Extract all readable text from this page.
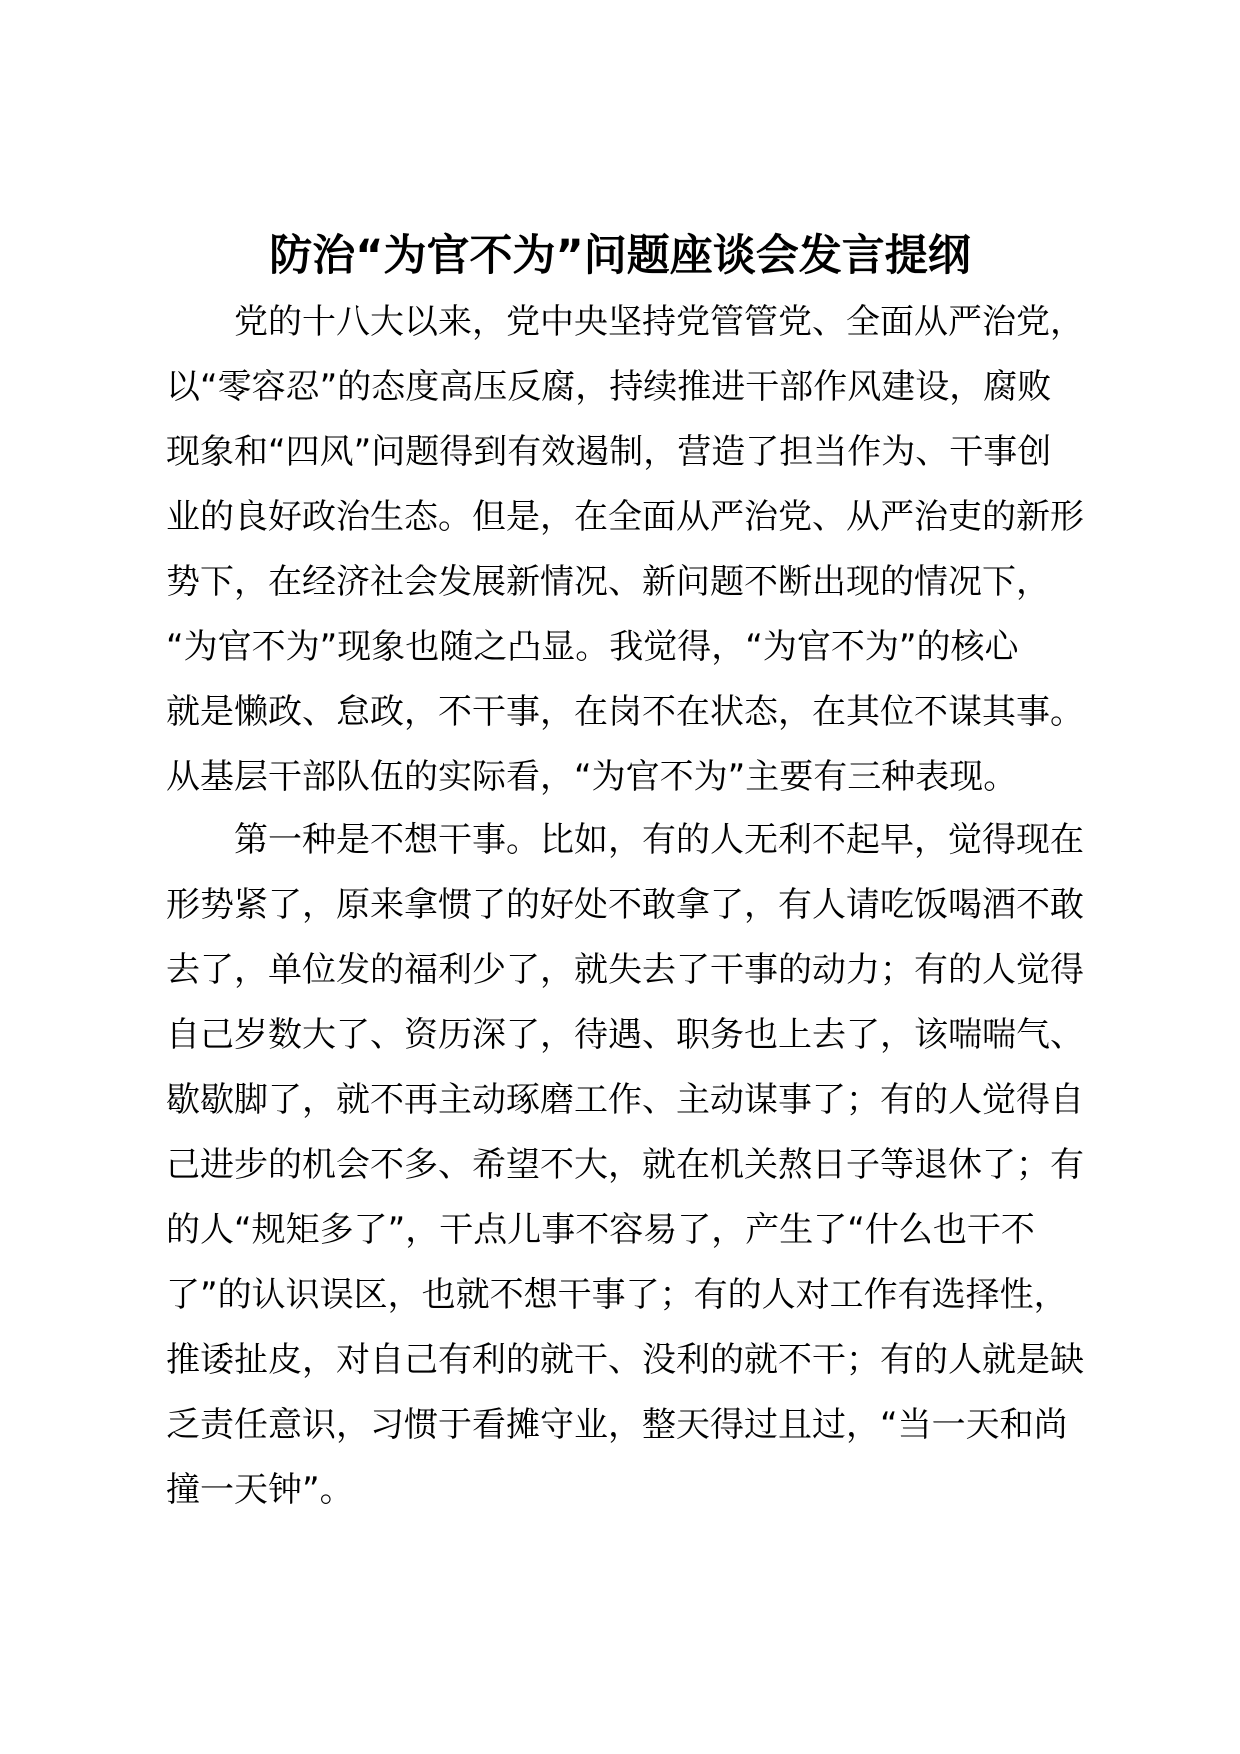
防治“为官不为”问题座谈会发言提纲
　　党的十八大以来，党中央坚持党管管党、全面从严治党，
以“零容忍”的态度高压反腐，持续推进干部作风建设，腐败
现象和“四风”问题得到有效遏制，营造了担当作为、干事创
业的良好政治生态。但是，在全面从严治党、从严治吏的新形
势下，在经济社会发展新情况、新问题不断出现的情况下，
“为官不为”现象也随之凸显。我觉得，“为官不为”的核心
就是懒政、怠政，不干事，在岗不在状态，在其位不谋其事。
从基层干部队伍的实际看，“为官不为”主要有三种表现。
　　第一种是不想干事。比如，有的人无利不起早，觉得现在
形势紧了，原来拿惯了的好处不敢拿了，有人请吃饭喝酒不敢
去了，单位发的福利少了，就失去了干事的动力；有的人觉得
自己岁数大了、资历深了，待遇、职务也上去了，该喘喘气、
歇歇脚了，就不再主动琢磨工作、主动谋事了；有的人觉得自
己进步的机会不多、希望不大，就在机关熬日子等退休了；有
的人“规矩多了”，干点儿事不容易了，产生了“什么也干不
了”的认识误区，也就不想干事了；有的人对工作有选择性，
推诿扯皮，对自己有利的就干、没利的就不干；有的人就是缺
乏责任意识，习惯于看摊守业，整天得过且过，“当一天和尚
撞一天钟”。
